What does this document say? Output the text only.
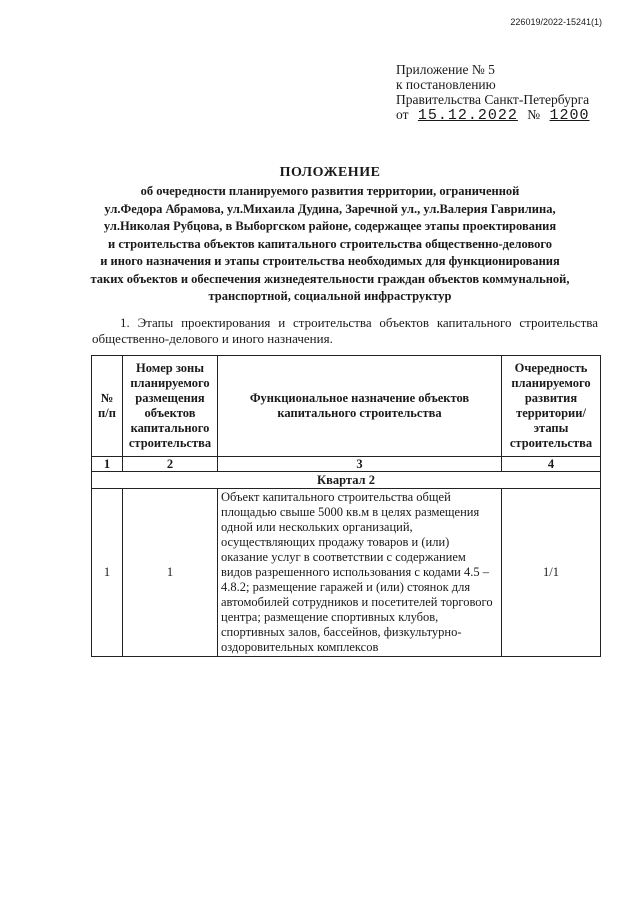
226019/2022-15241(1)
Приложение № 5
к постановлению
Правительства Санкт-Петербурга
от 15.12.2022 № 1200
ПОЛОЖЕНИЕ
об очередности планируемого развития территории, ограниченной
ул.Федора Абрамова, ул.Михаила Дудина, Заречной ул., ул.Валерия Гаврилина,
ул.Николая Рубцова, в Выборгском районе, содержащее этапы проектирования
и строительства объектов капитального строительства общественно-делового
и иного назначения и этапы строительства необходимых для функционирования
таких объектов и обеспечения жизнедеятельности граждан объектов коммунальной,
транспортной, социальной инфраструктур
1. Этапы проектирования и строительства объектов капитального строительства общественно-делового и иного назначения.
№ п/п	Номер зоны планируемого размещения объектов капитального строительства	Функциональное назначение объектов капитального строительства	Очередность планируемого развития территории/ этапы строительства
1	2	3	4
Квартал 2			
1	1	Объект капитального строительства общей площадью свыше 5000 кв.м в целях размещения одной или нескольких организаций, осуществляющих продажу товаров и (или) оказание услуг в соответствии с содержанием видов разрешенного использования с кодами 4.5 – 4.8.2; размещение гаражей и (или) стоянок для автомобилей сотрудников и посетителей торгового центра; размещение спортивных клубов, спортивных залов, бассейнов, физкультурно-оздоровительных комплексов	1/1
